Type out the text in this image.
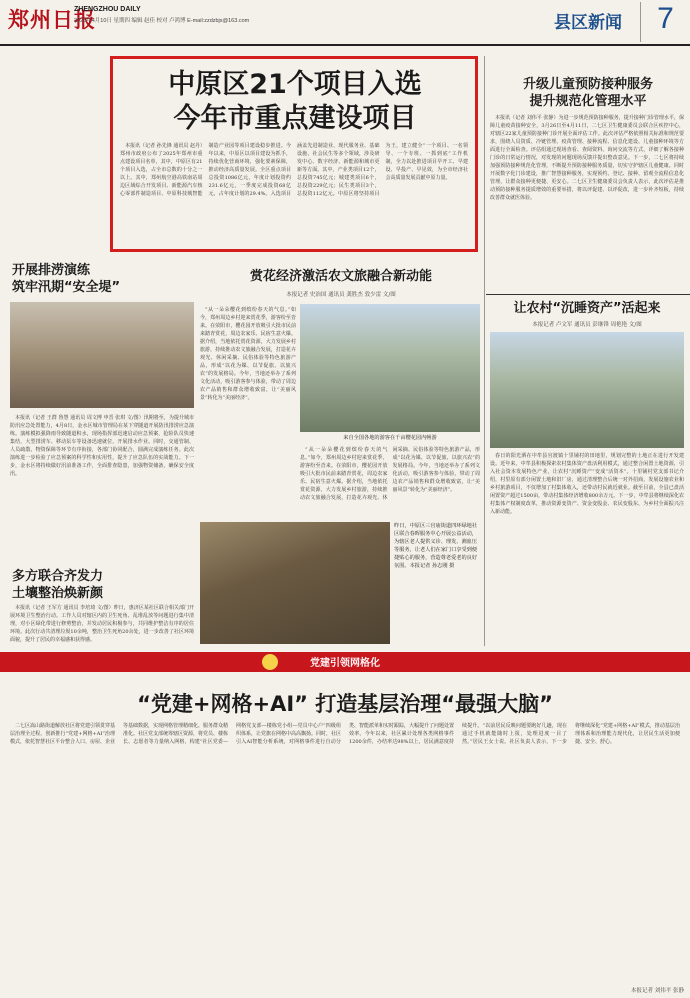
郑州日报
ZHENGZHOU DAILY
2025年4月10日 星期四 编辑 赵佳 校对 卢鸿博 E-mail:zzdzbjs@163.com	县区新闻	7
中原区21个项目入选
今年市重点建设项目

本报讯（记者 孙先锋 通讯员 赵丹）郑州市政府公布了2025年郑州市重点建设项目名单，其中，中原区有21个项目入选，占全市总数的十分之一以上。其中，郑州航空港高铁南站周边区域综合开发项目、新能源汽车核心零部件制造项目、中原科技城智能制造产业园等项目建设稳步推进。今年以来，中原区以项目建设为抓手，持续优化营商环境，强化要素保障，推动经济高质量发展。全区重点项目总投资1086亿元，年度计划投资约231.6亿元，一季度完成投资68亿元，占年度计划的29.4%。入选项目涵盖先进制造业、现代服务业、基础设施、社会民生等多个领域，涉及研发中心、数字经济、新能源和城市更新等方面。其中，产业类项目12个，总投资745亿元；城建类项目6个，总投资229亿元；民生类项目3个，总投资112亿元。中原区将坚持项目为王，建立健全“一个项目、一名领导、一个专班、一抓到底”工作机制，全力以赴推进项目早开工、早建设、早投产、早见效，为全市经济社会高质量发展贡献中原力量。

升级儿童预防接种服务
提升规范化管理水平

本报讯（记者 刘伟平 张静）为进一步规范预防接种服务，提升接种门诊管理水平，保障儿童疫苗接种安全，3月26日至4月11日，二七区卫生健康委员会联合区疾控中心，对辖区22家儿童预防接种门诊开展全面评估工作。此次评估严格依照相关标准和规范要求，围绕人员资质、冷链管理、疫苗管理、接种流程、信息化建设、儿童接种环境等方面进行全面检查。评估组通过现场查看、查阅资料、询问交流等方式，详细了解各接种门诊的日常运行情况，对发现的问题现场反馈并提出整改意见。下一步，二七区将持续加强预防接种规范化管理，不断提升预防接种服务质量，切实守护辖区儿童健康。同时开展数字化门诊建设，推广智慧接种服务，实现预约、登记、接种、留观全流程信息化管理，让群众接种更便捷、更安心。二七区卫生健康委员会负责人表示，此次评估是推动预防接种服务提质增效的重要举措，将以评促建、以评促改，进一步补齐短板，持续改善群众就医体验。

开展排涝演练
筑牢汛期“安全堤”

本报讯（记者 王群 鲁慧 通讯员 周文博 申晋 张琪 文/图）汛期将至，为提升城市防汛应急处置能力，4月8日，金水区城市管理局在某下穿隧道开展防汛排涝应急演练。演练模拟强降雨导致隧道积水，现场指挥部迅速启动应急预案，抢险队员快速集结，大型排涝车、移动泵车等设备迅速就位，开展排水作业。同时，交通管制、人员疏散、物资保障等环节有序衔接，各部门协同配合，圆满完成演练任务。此次演练进一步检验了应急预案的科学性和实用性，提升了应急队伍的实战能力。下一步，金水区将持续做好汛前准备工作，全面排查隐患，加强物资储备，确保安全度汛。

多方联合齐发力
土壤整治焕新颜

本报讯（记者 王军方 通讯员 李培琦 文/图）昨日，惠济区某社区联合相关部门开展环境卫生整治行动。工作人员对辖区内的卫生死角、乱堆乱放等问题进行集中清理，对小区绿化带进行修剪整治，并发动居民积极参与，共同维护整洁有序的居住环境。此次行动共清理垃圾10余吨，整治卫生死角20余处，进一步改善了社区环境面貌，提升了居民的幸福感和获得感。

赏花经济激活农文旅融合新动能
本报记者 史治国 通讯员 龚胜杰 敦少雷 文/图

“从一朵朵樱花到缤纷春天的气息。”如今，郑州周边乡村迎来赏花季，游客纷至沓来。在荥阳市，樱花园开放吸引大批市民前来踏青赏花，周边农家乐、民宿生意火爆。据介绍，当地依托赏花资源，大力发展乡村旅游，持续推动农文旅融合发展，打造花卉观光、休闲采摘、民俗体验等特色旅游产品，形成“以花为媒、以节促旅、以旅兴农”的发展格局。今年，当地还举办了系列文化活动，吸引游客参与体验，带动了周边农产品销售和群众增收致富，让“美丽风景”转化为“美丽经济”。

来自全国各地的游客在千亩樱花园内畅游

“从一朵朵樱花到缤纷春天的气息。”如今，郑州周边乡村迎来赏花季，游客纷至沓来。在荥阳市，樱花园开放吸引大批市民前来踏青赏花，周边农家乐、民宿生意火爆。据介绍，当地依托赏花资源，大力发展乡村旅游，持续推动农文旅融合发展，打造花卉观光、休闲采摘、民俗体验等特色旅游产品，形成“以花为媒、以节促旅、以旅兴农”的发展格局。今年，当地还举办了系列文化活动，吸引游客参与体验，带动了周边农产品销售和群众增收致富，让“美丽风景”转化为“美丽经济”。

昨日，中原区三官庙街道四环绿地社区联合春晖服务中心开展公益活动，为辖区老人提供义诊、理发、测血压等服务，让老人们在家门口享受到便捷贴心的服务，营造尊老爱老的良好氛围。本报记者 孙志刚 摄
让农村“沉睡资产”活起来
本报记者 卢文军 通讯员 彭继锋 周艳艳 文/图

春日的阳光洒在中牟县官渡镇十里铺村的田地里，规划完整的土地正在进行开发建设。近年来，中牟县积极探索农村集体资产盘活利用模式，通过整合闲置土地资源，引入社会资本发展特色产业，让农村“沉睡资产”变成“活资本”。十里铺村党支部书记介绍，村里原有部分闲置土地和旧厂房，通过清理整合后统一对外招商，发展设施农业和乡村旅游项目，不仅增加了村集体收入，还带动村民就近就业。截至目前，全县已盘活闲置资产超过1500亩，带动村集体经济增收800余万元。下一步，中牟县将继续深化农村集体产权制度改革，推动资源变资产、资金变股金、农民变股东，为乡村全面振兴注入新动能。

党建引领网格化
“党建+网格+AI” 打造基层治理“最强大脑”

二七区嵩山路街道解放社区将党建引领贯穿基层治理全过程，创新推行“党建+网格+AI”治理模式，依托智慧社区平台整合人口、房屋、企业等基础数据，实现网格管理精细化、服务群众精准化。社区党支部统筹辖区资源，将党员、楼栋长、志愿者等力量纳入网格，构建“社区党委—网格党支部—楼栋党小组—党员中心户”四级组织体系，让党旗在网格中高高飘扬。同时，社区引入AI智能分析系统，对网格事件进行自动分类、智能派单和实时跟踪，大幅提升了问题处置效率。今年以来，社区累计处理各类网格事件1200余件，办结率达98%以上，居民满意度持续提升。“以前居民反映问题要跑好几趟，现在通过手机就能随时上报，处理进度一目了然。”居民王女士说。社区负责人表示，下一步将继续深化“党建+网格+AI”模式，推动基层治理体系和治理能力现代化，让居民生活更加便捷、安全、舒心。

本报记者 刘伟平 张静
